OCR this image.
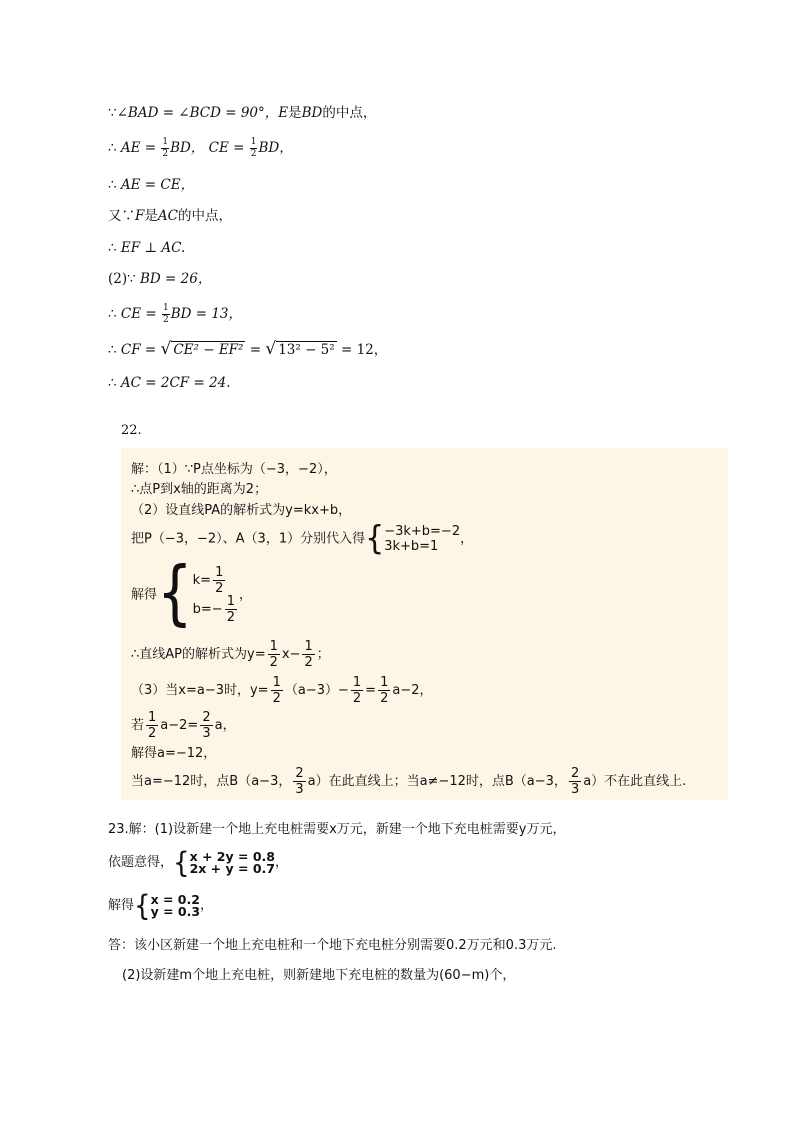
∵∠BAD = ∠BCD = 90°，E是BD的中点，
∴ AE = $\frac{1}{2}$ BD， CE = $\frac{1}{2}$ BD，
∴ AE = CE，
又∵F是AC的中点，
∴ EF ⊥ AC.
(2)∵ BD = 26，
∴ CE = $\frac{1}{2}$ BD = 13，
∴ CF = √ CE² − EF² = √ 13² − 5² = 12，
∴ AC = 2CF = 24.
22.
解：（1）∵P点坐标为（−3，−2），
∴点P到x轴的距离为2；
（2）设直线PA的解析式为y=kx+b，
把P（−3，−2）、A（3，1）分别代入得 { −3k+b=−2
3k+b=1	，
解得 { $k= \frac{1}{2}$
$b=- \frac{1}{2}$ ，
∴直线AP的解析式为$y= \frac{1}{2} x- \frac{1}{2}$ ；
（3）当x=a−3时，$y= \frac{1}{2} (a-3)- \frac{1}{2} = \frac{1}{2} a-2$，
若 $\frac{1}{2} a-2= \frac{2}{3}$ a，
解得a=−12，
当a=−12时，点B（a−3， $\frac{2}{3} a$）在此直线上；当a≠−12时，点B（a−3， $\frac{2}{3} a$）不在此直线上.
23.解：(1)设新建一个地上充电桩需要x万元，新建一个地下充电桩需要y万元，
依题意得， { x + 2y = 0.8
2x + y = 0.7 ，
解得 { x = 0.2
y = 0.3 ，
答：该小区新建一个地上充电桩和一个地下充电桩分别需要0.2万元和0.3万元.
(2)设新建m个地上充电桩，则新建地下充电桩的数量为(60−m)个，
